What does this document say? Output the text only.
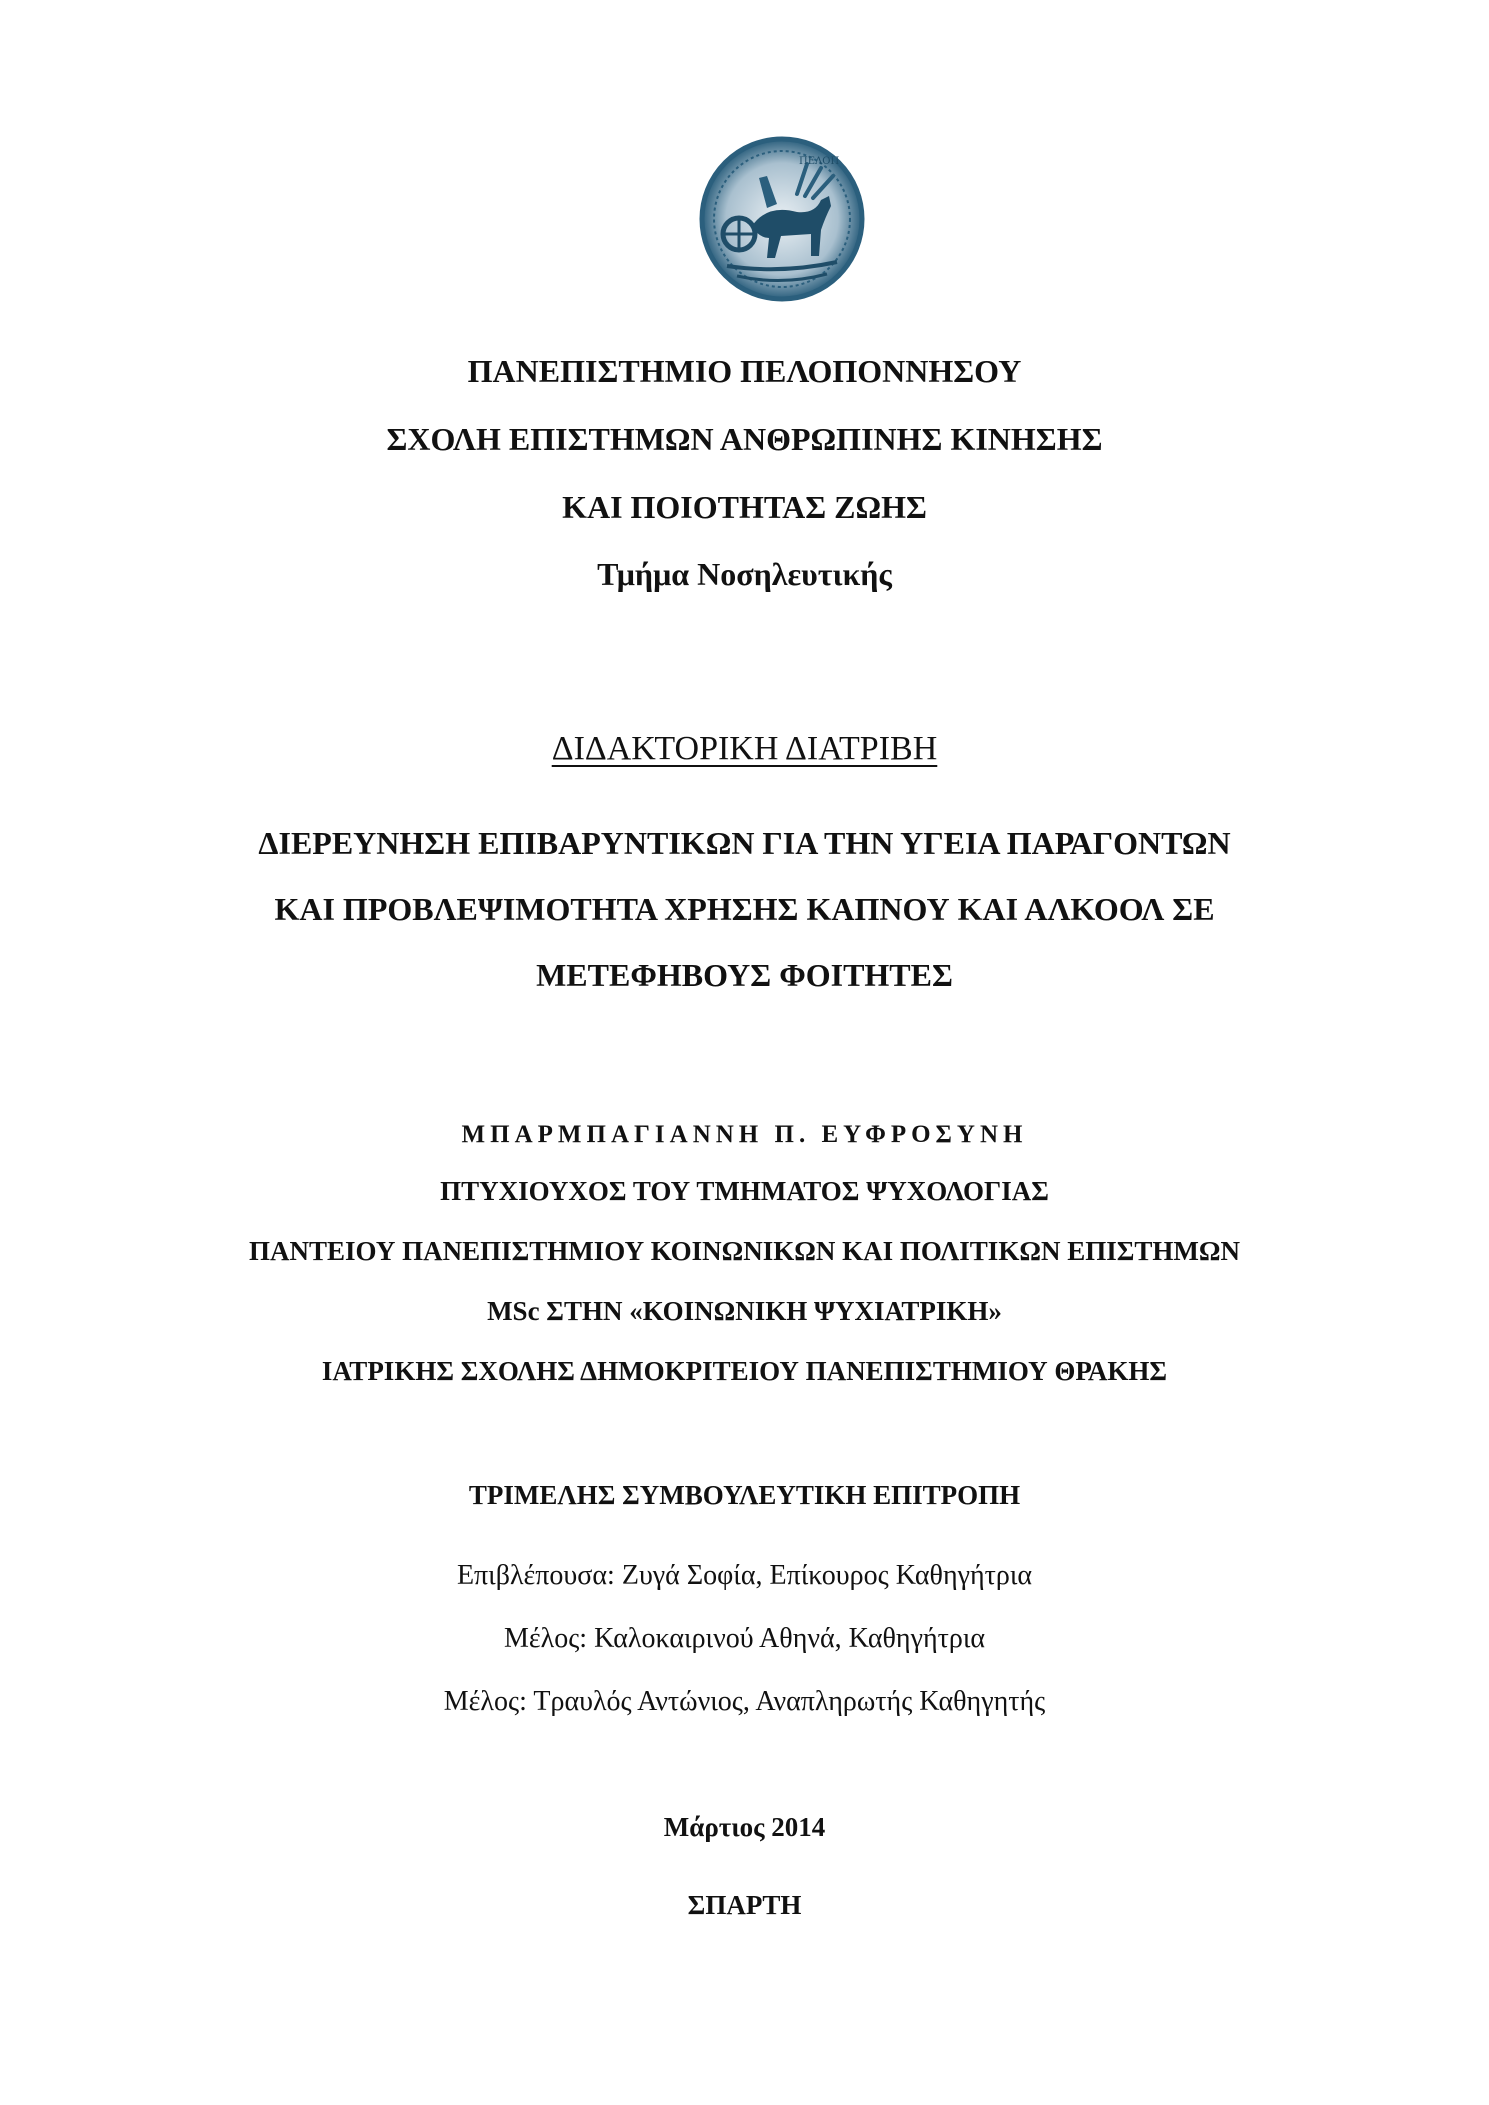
ΠΕΛΟΠ
ΠΑΝΕΠΙΣΤΗΜΙΟ ΠΕΛΟΠΟΝΝΗΣΟΥ
ΣΧΟΛΗ ΕΠΙΣΤΗΜΩΝ ΑΝΘΡΩΠΙΝΗΣ ΚΙΝΗΣΗΣ
ΚΑΙ ΠΟΙΟΤΗΤΑΣ ΖΩΗΣ
Τμήμα Νοσηλευτικής
ΔΙΔΑΚΤΟΡΙΚΗ ΔΙΑΤΡΙΒΗ
ΔΙΕΡΕΥΝΗΣΗ ΕΠΙΒΑΡΥΝΤΙΚΩΝ ΓΙΑ ΤΗΝ ΥΓΕΙΑ ΠΑΡΑΓΟΝΤΩΝ
ΚΑΙ ΠΡΟΒΛΕΨΙΜΟΤΗΤΑ ΧΡΗΣΗΣ ΚΑΠΝΟΥ ΚΑΙ ΑΛΚΟΟΛ ΣΕ
ΜΕΤΕΦΗΒΟΥΣ ΦΟΙΤΗΤΕΣ
ΜΠΑΡΜΠΑΓΙΑΝΝΗ Π. ΕΥΦΡΟΣΥΝΗ
ΠΤΥΧΙΟΥΧΟΣ ΤΟΥ ΤΜΗΜΑΤΟΣ ΨΥΧΟΛΟΓΙΑΣ
ΠΑΝΤΕΙΟΥ ΠΑΝΕΠΙΣΤΗΜΙΟΥ ΚΟΙΝΩΝΙΚΩΝ ΚΑΙ ΠΟΛΙΤΙΚΩΝ ΕΠΙΣΤΗΜΩΝ
MSc ΣΤΗΝ «ΚΟΙΝΩΝΙΚΗ ΨΥΧΙΑΤΡΙΚΗ»
ΙΑΤΡΙΚΗΣ ΣΧΟΛΗΣ ΔΗΜΟΚΡΙΤΕΙΟΥ ΠΑΝΕΠΙΣΤΗΜΙΟΥ ΘΡΑΚΗΣ
ΤΡΙΜΕΛΗΣ ΣΥΜΒΟΥΛΕΥΤΙΚΗ ΕΠΙΤΡΟΠΗ
Επιβλέπουσα: Ζυγά Σοφία, Επίκουρος Καθηγήτρια
Μέλος: Καλοκαιρινού Αθηνά, Καθηγήτρια
Μέλος: Τραυλός Αντώνιος, Αναπληρωτής Καθηγητής
Μάρτιος 2014
ΣΠΑΡΤΗ
